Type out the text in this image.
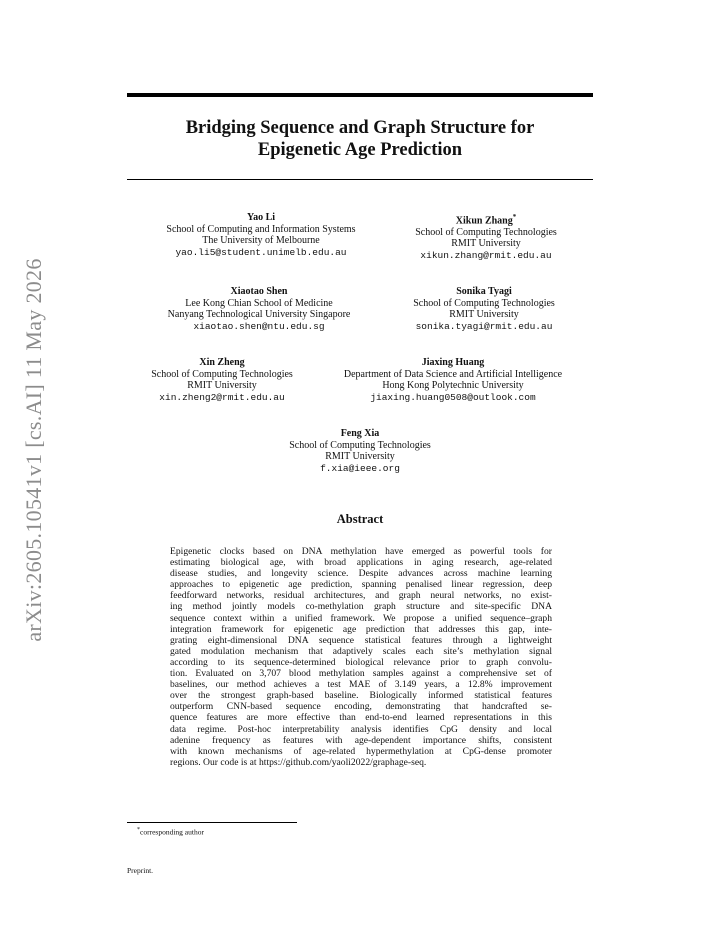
arXiv:2605.10541v1 [cs.AI] 11 May 2026
Bridging Sequence and Graph Structure for
Epigenetic Age Prediction
Yao Li
School of Computing and Information Systems
The University of Melbourne
yao.li5@student.unimelb.edu.au
Xikun Zhang*
School of Computing Technologies
RMIT University
xikun.zhang@rmit.edu.au
Xiaotao Shen
Lee Kong Chian School of Medicine
Nanyang Technological University Singapore
xiaotao.shen@ntu.edu.sg
Sonika Tyagi
School of Computing Technologies
RMIT University
sonika.tyagi@rmit.edu.au
Xin Zheng
School of Computing Technologies
RMIT University
xin.zheng2@rmit.edu.au
Jiaxing Huang
Department of Data Science and Artificial Intelligence
Hong Kong Polytechnic University
jiaxing.huang0508@outlook.com
Feng Xia
School of Computing Technologies
RMIT University
f.xia@ieee.org
Abstract
Epigenetic clocks based on DNA methylation have emerged as powerful tools for
estimating biological age, with broad applications in aging research, age-related
disease studies, and longevity science. Despite advances across machine learning
approaches to epigenetic age prediction, spanning penalised linear regression, deep
feedforward networks, residual architectures, and graph neural networks, no exist-
ing method jointly models co-methylation graph structure and site-specific DNA
sequence context within a unified framework. We propose a unified sequence–graph
integration framework for epigenetic age prediction that addresses this gap, inte-
grating eight-dimensional DNA sequence statistical features through a lightweight
gated modulation mechanism that adaptively scales each site’s methylation signal
according to its sequence-determined biological relevance prior to graph convolu-
tion. Evaluated on 3,707 blood methylation samples against a comprehensive set of
baselines, our method achieves a test MAE of 3.149 years, a 12.8% improvement
over the strongest graph-based baseline. Biologically informed statistical features
outperform CNN-based sequence encoding, demonstrating that handcrafted se-
quence features are more effective than end-to-end learned representations in this
data regime. Post-hoc interpretability analysis identifies CpG density and local
adenine frequency as features with age-dependent importance shifts, consistent
with known mechanisms of age-related hypermethylation at CpG-dense promoter
regions. Our code is at https://github.com/yaoli2022/graphage-seq.
*corresponding author
Preprint.
